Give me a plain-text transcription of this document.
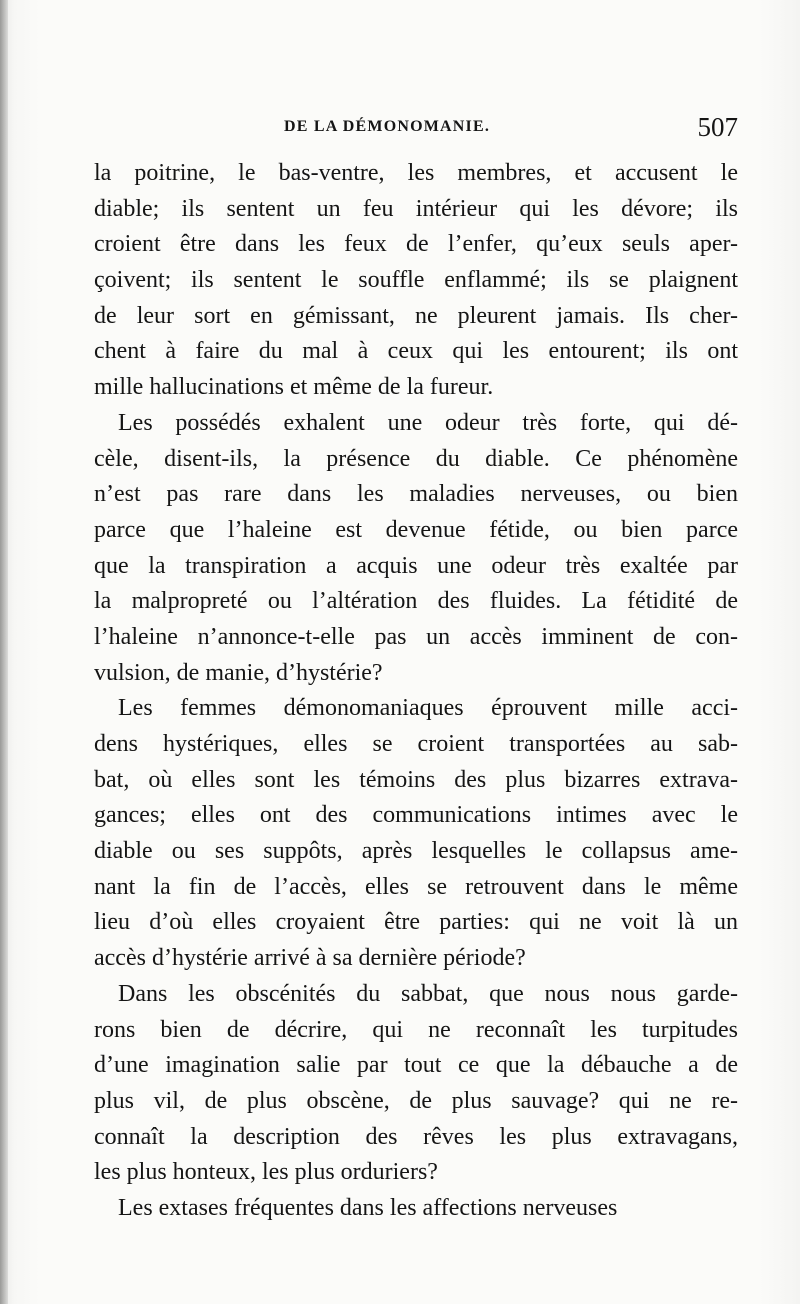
DE LA DÉMONOMANIE.	507
la poitrine, le bas-ventre, les membres, et accusent le
diable; ils sentent un feu intérieur qui les dévore; ils
croient être dans les feux de l’enfer, qu’eux seuls aper-
çoivent; ils sentent le souffle enflammé; ils se plaignent
de leur sort en gémissant, ne pleurent jamais. Ils cher-
chent à faire du mal à ceux qui les entourent; ils ont
mille hallucinations et même de la fureur.
Les possédés exhalent une odeur très forte, qui dé-
cèle, disent-ils, la présence du diable. Ce phénomène
n’est pas rare dans les maladies nerveuses, ou bien
parce que l’haleine est devenue fétide, ou bien parce
que la transpiration a acquis une odeur très exaltée par
la malpropreté ou l’altération des fluides. La fétidité de
l’haleine n’annonce-t-elle pas un accès imminent de con-
vulsion, de manie, d’hystérie?
Les femmes démonomaniaques éprouvent mille acci-
dens hystériques, elles se croient transportées au sab-
bat, où elles sont les témoins des plus bizarres extrava-
gances; elles ont des communications intimes avec le
diable ou ses suppôts, après lesquelles le collapsus ame-
nant la fin de l’accès, elles se retrouvent dans le même
lieu d’où elles croyaient être parties: qui ne voit là un
accès d’hystérie arrivé à sa dernière période?
Dans les obscénités du sabbat, que nous nous garde-
rons bien de décrire, qui ne reconnaît les turpitudes
d’une imagination salie par tout ce que la débauche a de
plus vil, de plus obscène, de plus sauvage? qui ne re-
connaît la description des rêves les plus extravagans,
les plus honteux, les plus orduriers?
Les extases fréquentes dans les affections nerveuses
